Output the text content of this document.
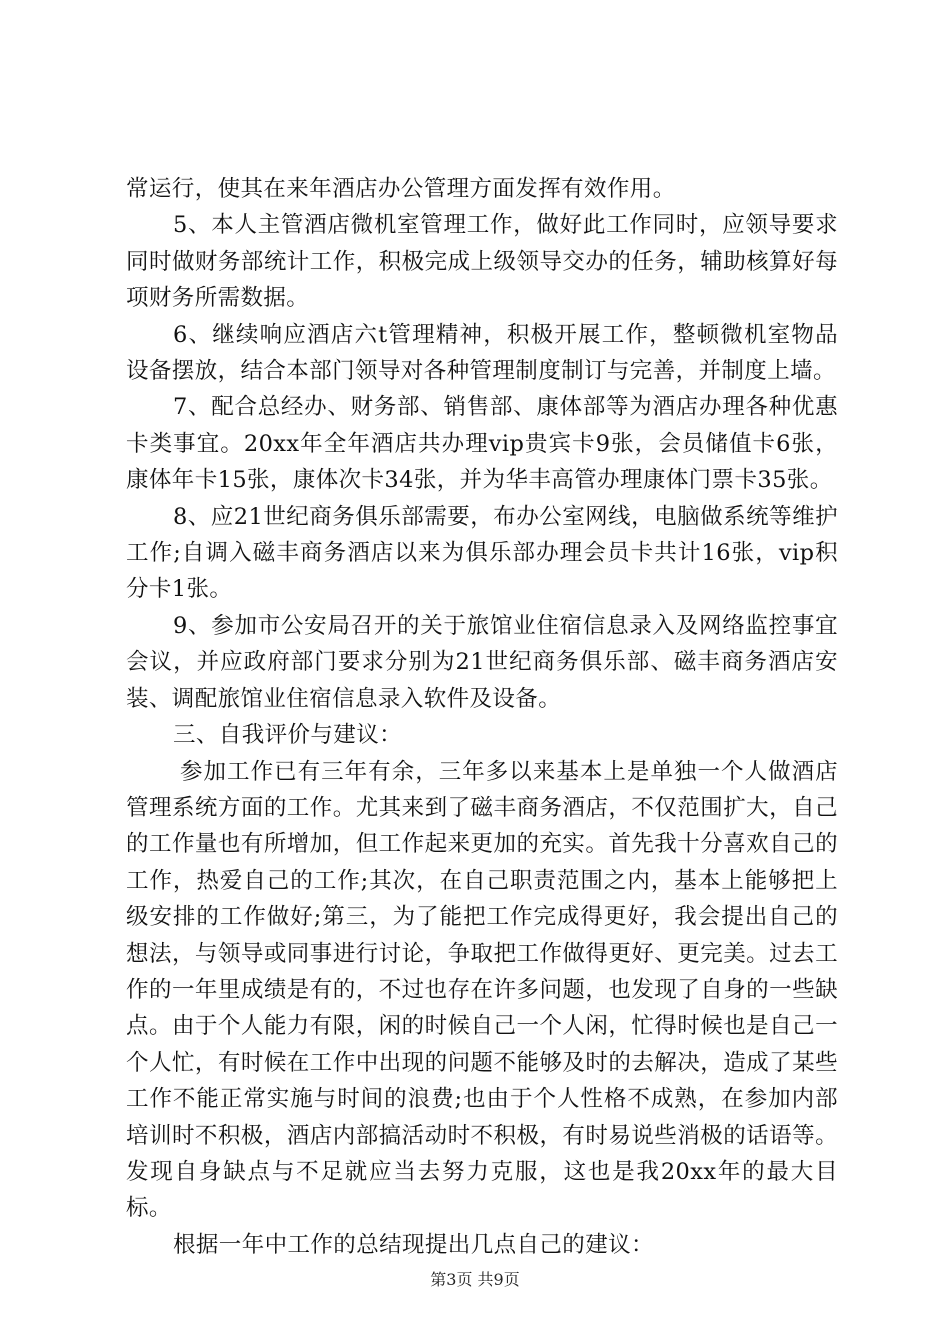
常运行，使其在来年酒店办公管理方面发挥有效作用。

5、本人主管酒店微机室管理工作，做好此工作同时，应领导要求同时做财务部统计工作，积极完成上级领导交办的任务，辅助核算好每项财务所需数据。

6、继续响应酒店六t管理精神，积极开展工作，整顿微机室物品设备摆放，结合本部门领导对各种管理制度制订与完善，并制度上墙。

7、配合总经办、财务部、销售部、康体部等为酒店办理各种优惠卡类事宜。20xx年全年酒店共办理vip贵宾卡9张，会员储值卡6张，康体年卡15张，康体次卡34张，并为华丰高管办理康体门票卡35张。

8、应21世纪商务俱乐部需要，布办公室网线，电脑做系统等维护工作;自调入磁丰商务酒店以来为俱乐部办理会员卡共计16张，vip积分卡1张。

9、参加市公安局召开的关于旅馆业住宿信息录入及网络监控事宜会议，并应政府部门要求分别为21世纪商务俱乐部、磁丰商务酒店安装、调配旅馆业住宿信息录入软件及设备。

三、自我评价与建议：

参加工作已有三年有余，三年多以来基本上是单独一个人做酒店管理系统方面的工作。尤其来到了磁丰商务酒店，不仅范围扩大，自己的工作量也有所增加，但工作起来更加的充实。首先我十分喜欢自己的工作，热爱自己的工作;其次，在自己职责范围之内，基本上能够把上级安排的工作做好;第三，为了能把工作完成得更好，我会提出自己的想法，与领导或同事进行讨论，争取把工作做得更好、更完美。过去工作的一年里成绩是有的，不过也存在许多问题，也发现了自身的一些缺点。由于个人能力有限，闲的时候自己一个人闲，忙得时候也是自己一个人忙，有时候在工作中出现的问题不能够及时的去解决，造成了某些工作不能正常实施与时间的浪费;也由于个人性格不成熟，在参加内部培训时不积极，酒店内部搞活动时不积极，有时易说些消极的话语等。发现自身缺点与不足就应当去努力克服，这也是我20xx年的最大目标。

根据一年中工作的总结现提出几点自己的建议：

第3页 共9页
